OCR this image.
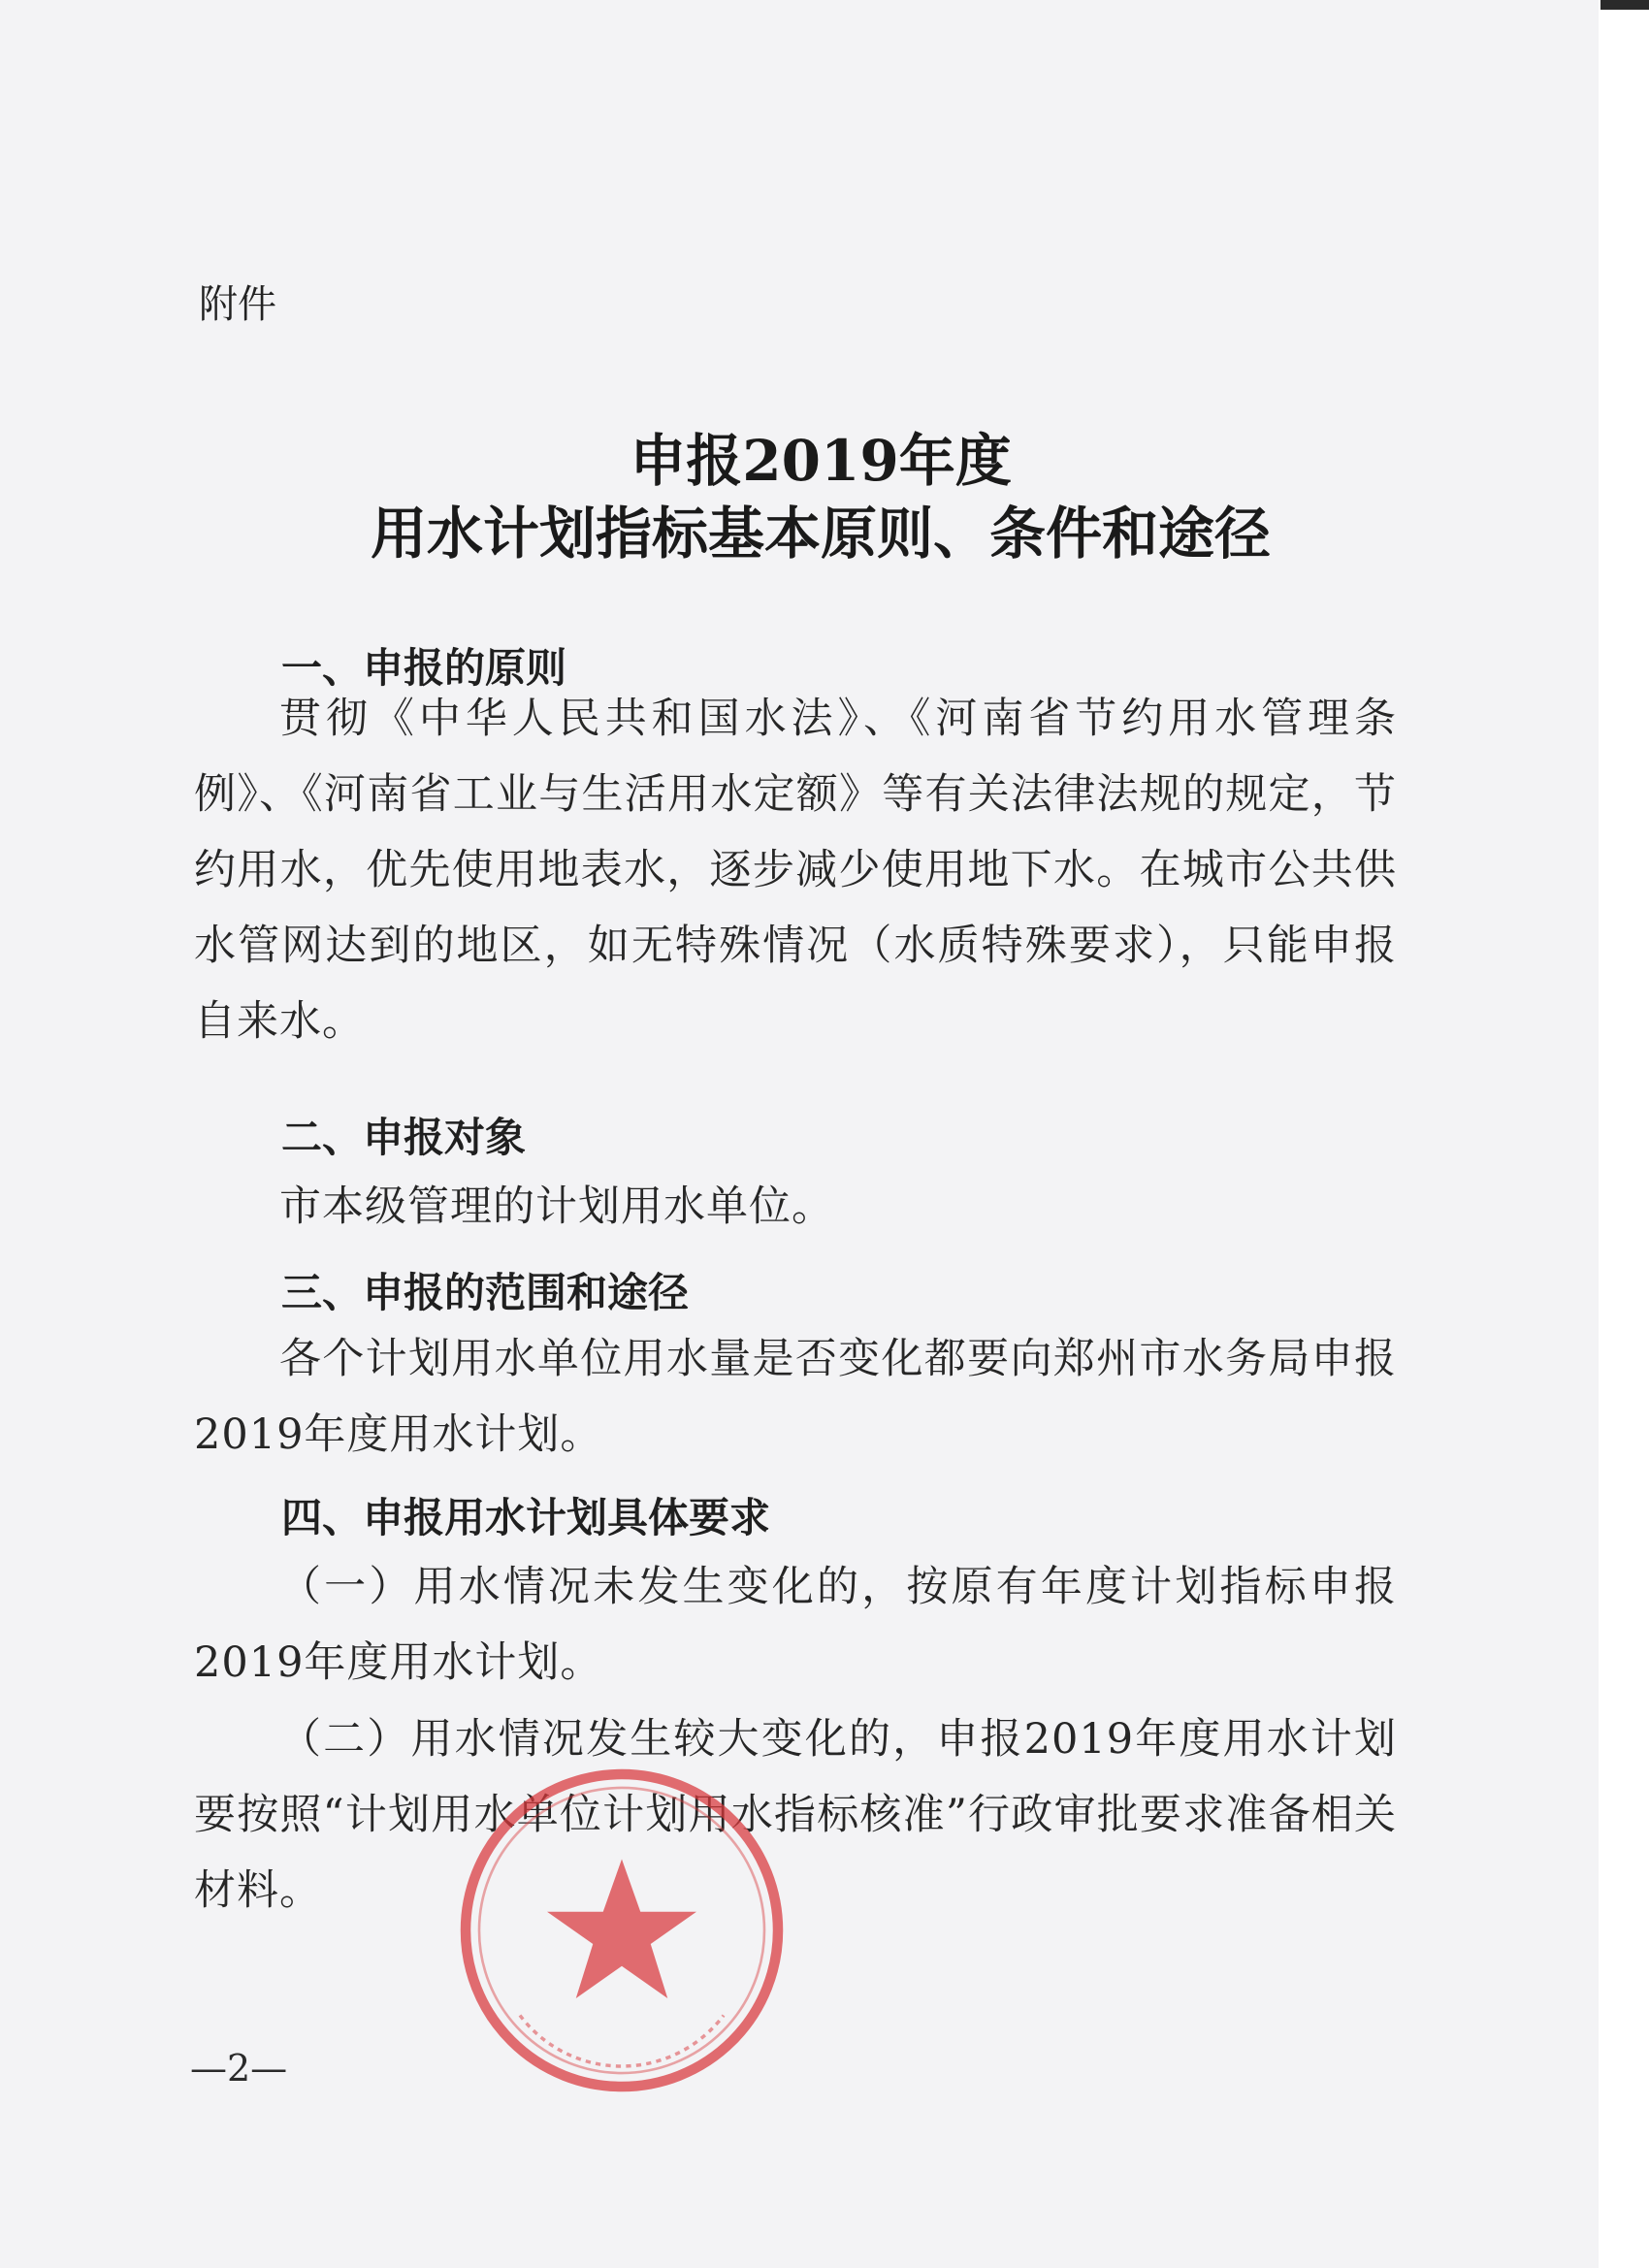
附件

申报2019年度
用水计划指标基本原则、条件和途径
一、申报的原则

贯彻《中华人民共和国水法》、《河南省节约用水管理条例》、《河南省工业与生活用水定额》等有关法律法规的规定，节约用水，优先使用地表水，逐步减少使用地下水。在城市公共供水管网达到的地区，如无特殊情况（水质特殊要求），只能申报自来水。

二、申报对象

市本级管理的计划用水单位。

三、申报的范围和途径

各个计划用水单位用水量是否变化都要向郑州市水务局申报2019年度用水计划。

四、申报用水计划具体要求

（一）用水情况未发生变化的，按原有年度计划指标申报2019年度用水计划。

（二）用水情况发生较大变化的，申报2019年度用水计划要按照“计划用水单位计划用水指标核准”行政审批要求准备相关材料。

—2—
